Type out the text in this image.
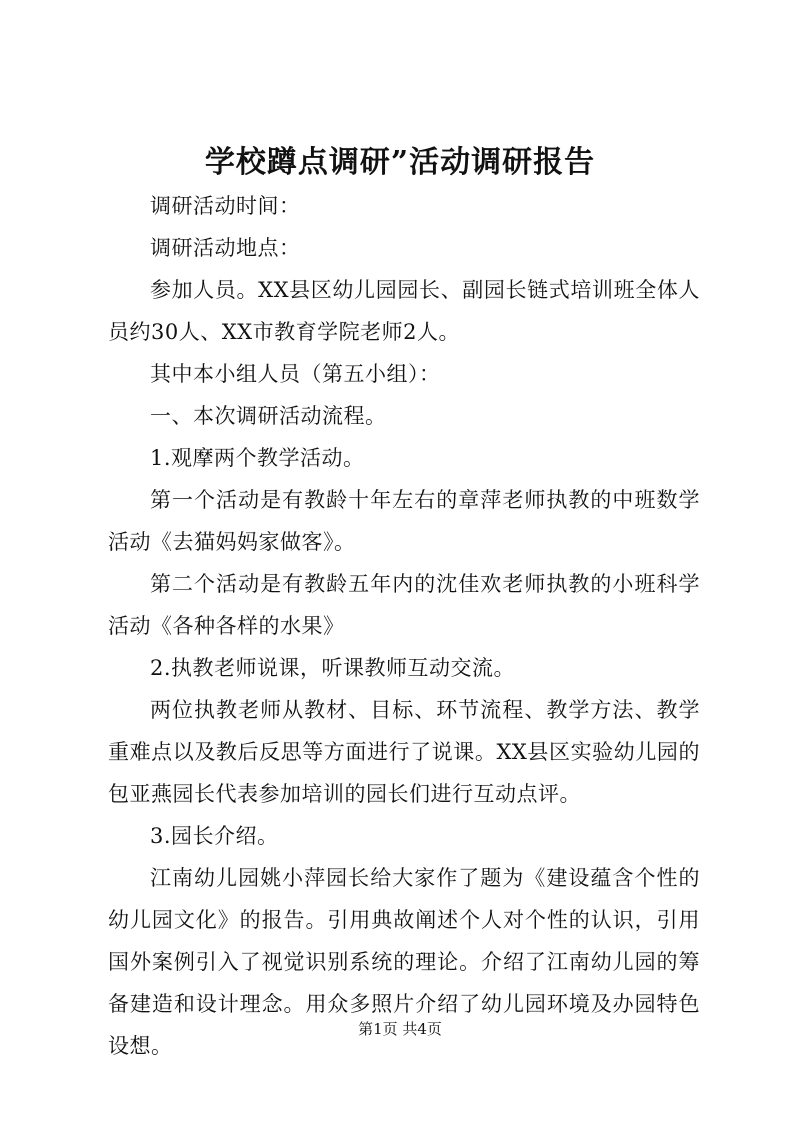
学校蹲点调研”活动调研报告

调研活动时间：

调研活动地点：

参加人员。XX县区幼儿园园长、副园长链式培训班全体人员约30人、XX市教育学院老师2人。

其中本小组人员（第五小组）：

一、本次调研活动流程。

1.观摩两个教学活动。

第一个活动是有教龄十年左右的章萍老师执教的中班数学活动《去猫妈妈家做客》。

第二个活动是有教龄五年内的沈佳欢老师执教的小班科学活动《各种各样的水果》

2.执教老师说课，听课教师互动交流。

两位执教老师从教材、目标、环节流程、教学方法、教学重难点以及教后反思等方面进行了说课。XX县区实验幼儿园的包亚燕园长代表参加培训的园长们进行互动点评。

3.园长介绍。

江南幼儿园姚小萍园长给大家作了题为《建设蕴含个性的幼儿园文化》的报告。引用典故阐述个人对个性的认识，引用国外案例引入了视觉识别系统的理论。介绍了江南幼儿园的筹备建造和设计理念。用众多照片介绍了幼儿园环境及办园特色设想。

第1页 共4页
